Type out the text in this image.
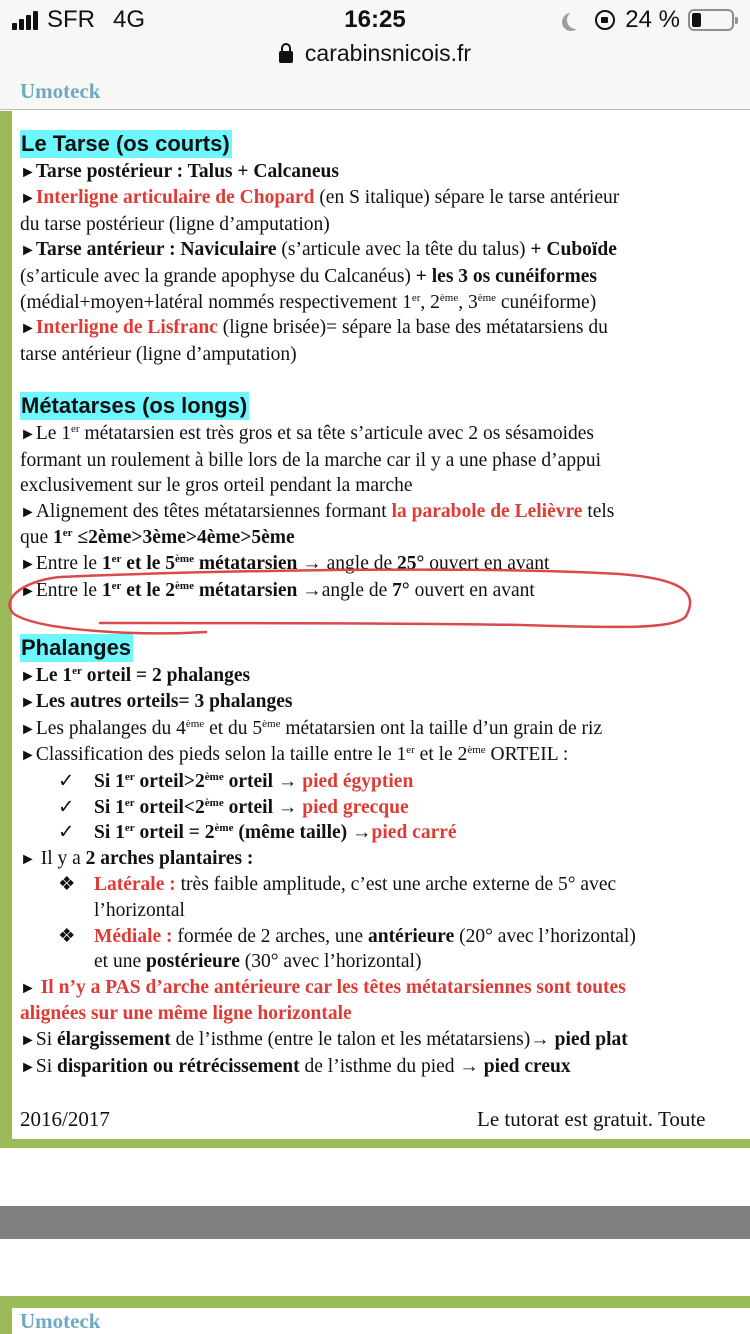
SFR 4G	16:25	24 %
carabinsnicois.fr
Umoteck
Le Tarse (os courts)
►Tarse postérieur : Talus + Calcaneus
►Interligne articulaire de Chopard (en S italique) sépare le tarse antérieur
du tarse postérieur (ligne d’amputation)
►Tarse antérieur : Naviculaire (s’articule avec la tête du talus) + Cuboïde
(s’articule avec la grande apophyse du Calcanéus) + les 3 os cunéiformes
(médial+moyen+latéral nommés respectivement 1er, 2ème, 3ème cunéiforme)
►Interligne de Lisfranc (ligne brisée)= sépare la base des métatarsiens du
tarse antérieur (ligne d’amputation)
Métatarses (os longs)
►Le 1er métatarsien est très gros et sa tête s’articule avec 2 os sésamoides
formant un roulement à bille lors de la marche car il y a une phase d’appui
exclusivement sur le gros orteil pendant la marche
►Alignement des têtes métatarsiennes formant la parabole de Lelièvre tels
que 1er ≤2ème>3ème>4ème>5ème
►Entre le 1er et le 5ème métatarsien → angle de 25° ouvert en avant
►Entre le 1er et le 2ème métatarsien →angle de 7° ouvert en avant
Phalanges
►Le 1er orteil = 2 phalanges
►Les autres orteils= 3 phalanges
►Les phalanges du 4ème et du 5ème métatarsien ont la taille d’un grain de riz
►Classification des pieds selon la taille entre le 1er et le 2ème ORTEIL :
✓ Si 1er orteil>2ème orteil → pied égyptien
✓ Si 1er orteil<2ème orteil → pied grecque
✓ Si 1er orteil = 2ème (même taille) →pied carré
► Il y a 2 arches plantaires :
❖ Latérale : très faible amplitude, c’est une arche externe de 5° avec
l’horizontal
❖ Médiale : formée de 2 arches, une antérieure (20° avec l’horizontal)
et une postérieure (30° avec l’horizontal)
► Il n’y a PAS d’arche antérieure car les têtes métatarsiennes sont toutes
alignées sur une même ligne horizontale
►Si élargissement de l’isthme (entre le talon et les métatarsiens)→ pied plat
►Si disparition ou rétrécissement de l’isthme du pied → pied creux
2016/2017	Le tutorat est gratuit. Toute
Umoteck
